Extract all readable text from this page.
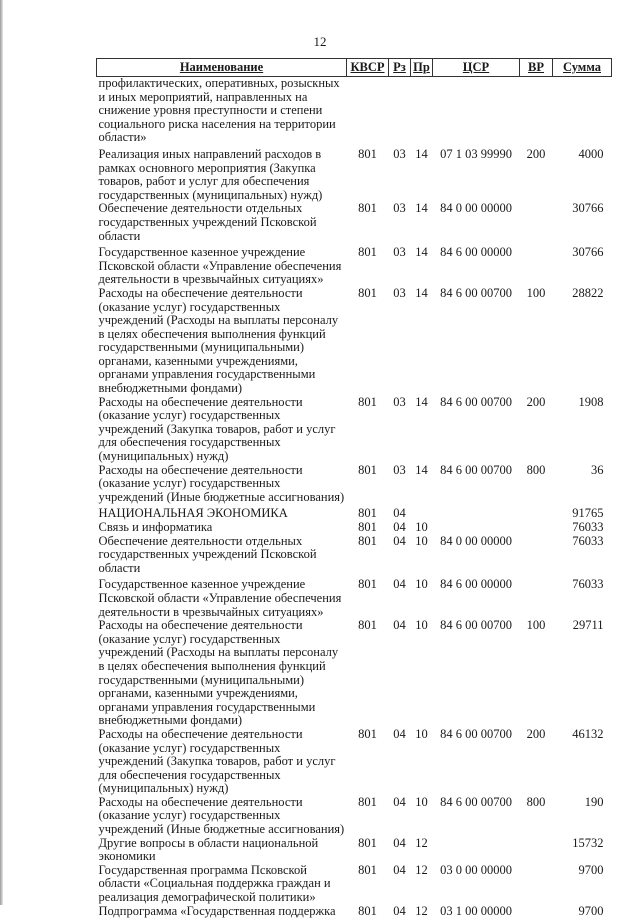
12
Наименование	КВСР	Рз	Пр	ЦСР	ВР	Сумма
профилактических, оперативных, розыскных и иных мероприятий, направленных на снижение уровня преступности и степени социального риска населения на территории области»						
Реализация иных направлений расходов в рамках основного мероприятия (Закупка товаров, работ и услуг для обеспечения государственных (муниципальных) нужд)	801	03	14	07 1 03 99990	200	4000
Обеспечение деятельности отдельных государственных учреждений Псковской области	801	03	14	84 0 00 00000		30766
Государственное казенное учреждение Псковской области «Управление обеспечения деятельности в чрезвычайных ситуациях»	801	03	14	84 6 00 00000		30766
Расходы на обеспечение деятельности (оказание услуг) государственных учреждений (Расходы на выплаты персоналу в целях обеспечения выполнения функций государственными (муниципальными) органами, казенными учреждениями, органами управления государственными внебюджетными фондами)	801	03	14	84 6 00 00700	100	28822
Расходы на обеспечение деятельности (оказание услуг) государственных учреждений (Закупка товаров, работ и услуг для обеспечения государственных (муниципальных) нужд)	801	03	14	84 6 00 00700	200	1908
Расходы на обеспечение деятельности (оказание услуг) государственных учреждений (Иные бюджетные ассигнования)	801	03	14	84 6 00 00700	800	36
НАЦИОНАЛЬНАЯ ЭКОНОМИКА	801	04				91765
Связь и информатика	801	04	10			76033
Обеспечение деятельности отдельных государственных учреждений Псковской области	801	04	10	84 0 00 00000		76033
Государственное казенное учреждение Псковской области «Управление обеспечения деятельности в чрезвычайных ситуациях»	801	04	10	84 6 00 00000		76033
Расходы на обеспечение деятельности (оказание услуг) государственных учреждений (Расходы на выплаты персоналу в целях обеспечения выполнения функций государственными (муниципальными) органами, казенными учреждениями, органами управления государственными внебюджетными фондами)	801	04	10	84 6 00 00700	100	29711
Расходы на обеспечение деятельности (оказание услуг) государственных учреждений (Закупка товаров, работ и услуг для обеспечения государственных (муниципальных) нужд)	801	04	10	84 6 00 00700	200	46132
Расходы на обеспечение деятельности (оказание услуг) государственных учреждений (Иные бюджетные ассигнования)	801	04	10	84 6 00 00700	800	190
Другие вопросы в области национальной экономики	801	04	12			15732
Государственная программа Псковской области «Социальная поддержка граждан и реализация демографической политики»	801	04	12	03 0 00 00000		9700
Подпрограмма «Государственная поддержка	801	04	12	03 1 00 00000		9700
